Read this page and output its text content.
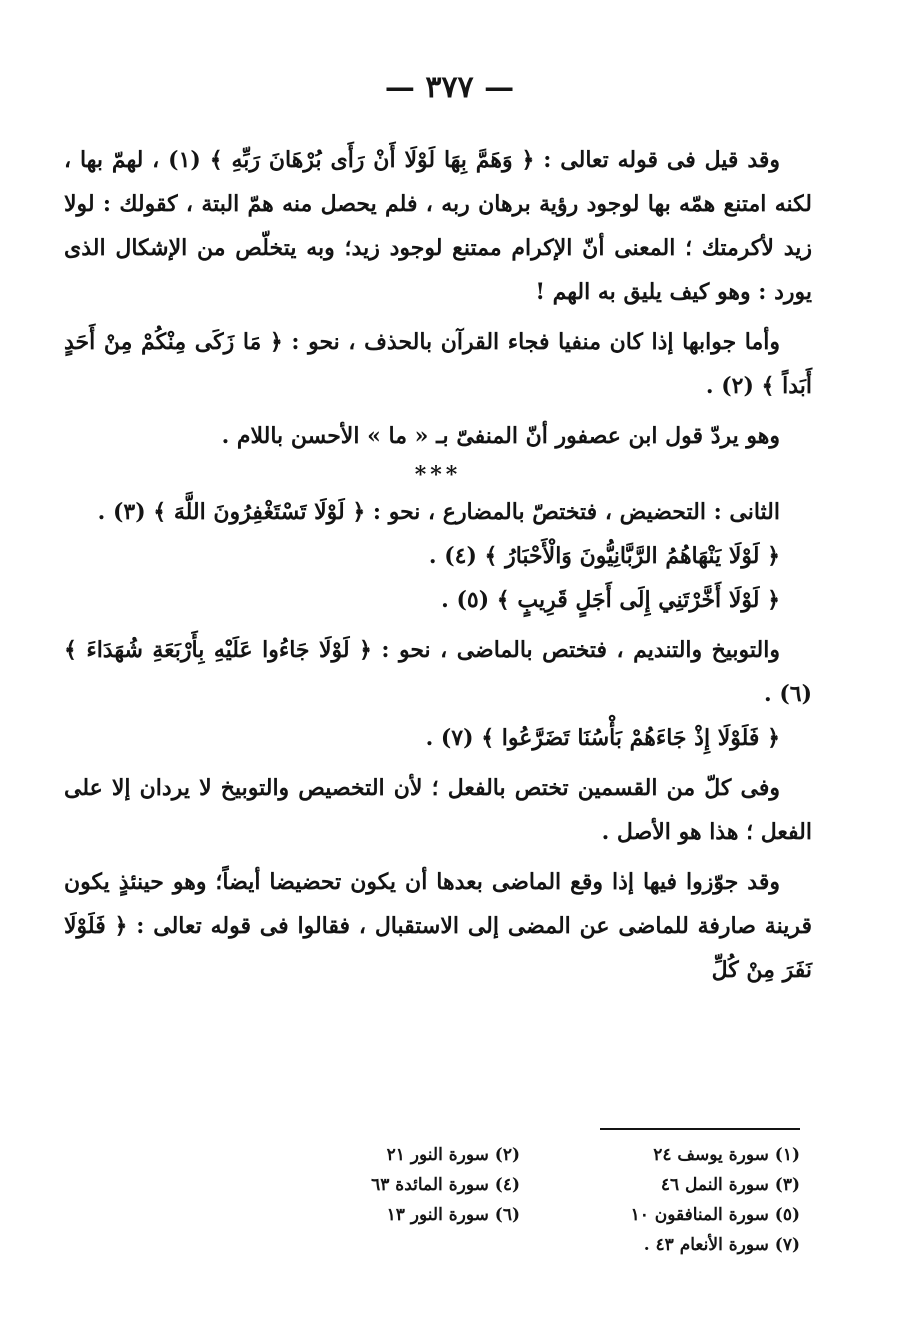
— ٣٧٧ —

وقد قيل فى قوله تعالى : ﴿ وَهَمَّ بِهَا لَوْلَا أَنْ رَأَى بُرْهَانَ رَبِّهِ ﴾ (١) ، لهمّ بها ، لكنه امتنع همّه بها لوجود رؤية برهان ربه ، فلم يحصل منه همّ البتة ، كقولك : لولا زيد لأكرمتك ؛ المعنى أنّ الإكرام ممتنع لوجود زيد؛ وبه يتخلّص من الإشكال الذى يورد : وهو كيف يليق به الهم !

وأما جوابها إذا كان منفيا فجاء القرآن بالحذف ، نحو : ﴿ مَا زَكَى مِنْكُمْ مِنْ أَحَدٍ أَبَداً ﴾ (٢) .

وهو يردّ قول ابن عصفور أنّ المنفىّ بـ « ما » الأحسن باللام .

***

الثانى : التحضيض ، فتختصّ بالمضارع ، نحو : ﴿ لَوْلَا تَسْتَغْفِرُونَ اللَّهَ ﴾ (٣) .

﴿ لَوْلَا يَنْهَاهُمُ الرَّبَّانِيُّونَ وَالْأَحْبَارُ ﴾ (٤) .

﴿ لَوْلَا أَخَّرْتَنِي إِلَى أَجَلٍ قَرِيبٍ ﴾ (٥) .

والتوبيخ والتنديم ، فتختص بالماضى ، نحو : ﴿ لَوْلَا جَاءُوا عَلَيْهِ بِأَرْبَعَةِ شُهَدَاءَ ﴾ (٦) .

﴿ فَلَوْلَا إِذْ جَاءَهُمْ بَأْسُنَا تَضَرَّعُوا ﴾ (٧) .

وفى كلّ من القسمين تختص بالفعل ؛ لأن التخصيص والتوبيخ لا يردان إلا على الفعل ؛ هذا هو الأصل .

وقد جوّزوا فيها إذا وقع الماضى بعدها أن يكون تحضيضا أيضاً؛ وهو حينئذٍ يكون قرينة صارفة للماضى عن المضى إلى الاستقبال ، فقالوا فى قوله تعالى : ﴿ فَلَوْلَا نَفَرَ مِنْ كُلِّ

(١) سورة يوسف ٢٤
(٢) سورة النور ٢١
(٣) سورة النمل ٤٦
(٤) سورة المائدة ٦٣
(٥) سورة المنافقون ١٠
(٦) سورة النور ١٣
(٧) سورة الأنعام ٤٣ .
